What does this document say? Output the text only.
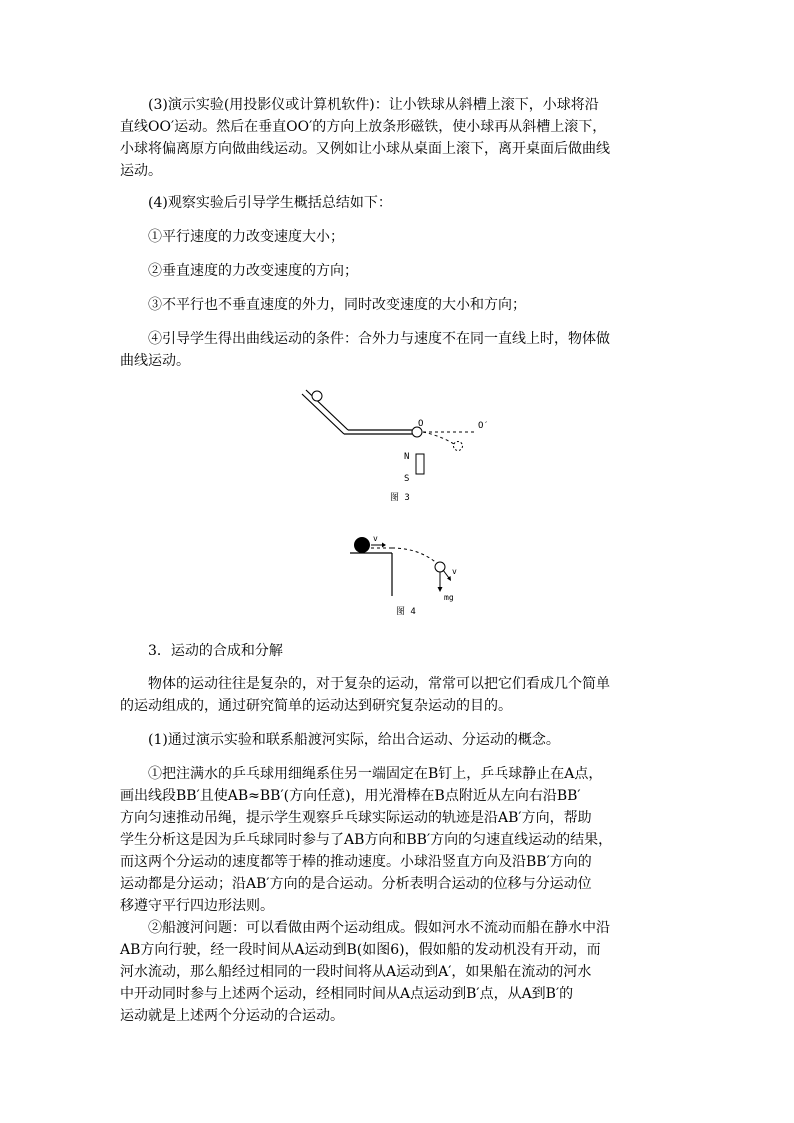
(3)演示实验(用投影仪或计算机软件)：让小铁球从斜槽上滚下，小球将沿
直线OO′运动。然后在垂直OO′的方向上放条形磁铁，使小球再从斜槽上滚下，
小球将偏离原方向做曲线运动。又例如让小球从桌面上滚下，离开桌面后做曲线
运动。
(4)观察实验后引导学生概括总结如下：
①平行速度的力改变速度大小；
②垂直速度的力改变速度的方向；
③不平行也不垂直速度的外力，同时改变速度的大小和方向；
④引导学生得出曲线运动的条件：合外力与速度不在同一直线上时，物体做
曲线运动。
O	O′
N
S
图 3
v
v
mg
图 4
3．运动的合成和分解
物体的运动往往是复杂的，对于复杂的运动，常常可以把它们看成几个简单
的运动组成的，通过研究简单的运动达到研究复杂运动的目的。
(1)通过演示实验和联系船渡河实际，给出合运动、分运动的概念。
①把注满水的乒乓球用细绳系住另一端固定在B钉上，乒乓球静止在A点，
画出线段BB′且使AB≈BB′(方向任意)，用光滑棒在B点附近从左向右沿BB′
方向匀速推动吊绳，提示学生观察乒乓球实际运动的轨迹是沿AB′方向，帮助
学生分析这是因为乒乓球同时参与了AB方向和BB′方向的匀速直线运动的结果，
而这两个分运动的速度都等于棒的推动速度。小球沿竖直方向及沿BB′方向的
运动都是分运动；沿AB′方向的是合运动。分析表明合运动的位移与分运动位
移遵守平行四边形法则。
②船渡河问题：可以看做由两个运动组成。假如河水不流动而船在静水中沿
AB方向行驶，经一段时间从A运动到B(如图6)，假如船的发动机没有开动，而
河水流动，那么船经过相同的一段时间将从A运动到A′，如果船在流动的河水
中开动同时参与上述两个运动，经相同时间从A点运动到B′点，从A到B′的
运动就是上述两个分运动的合运动。
